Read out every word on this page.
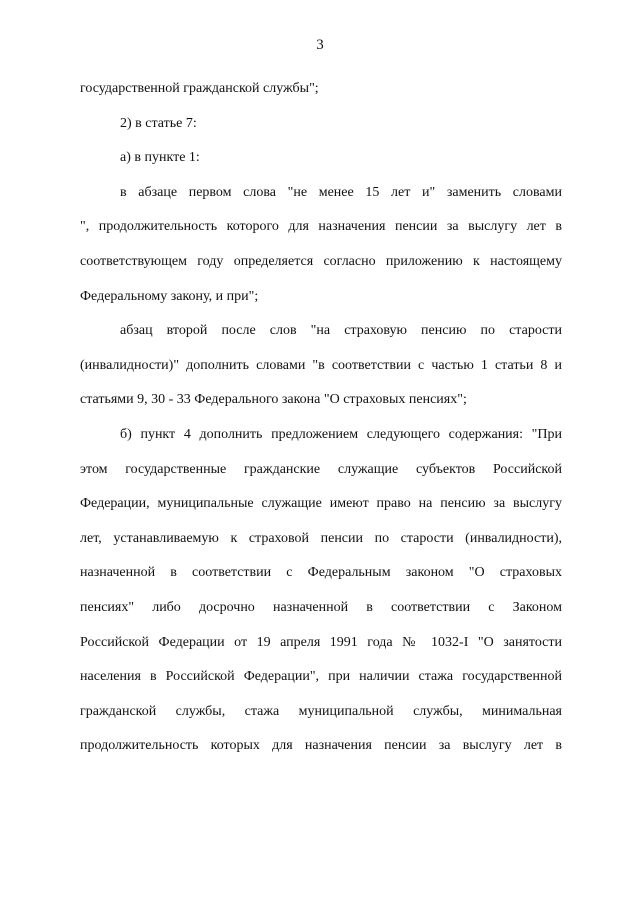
3
государственной гражданской службы";
2) в статье 7:
а) в пункте 1:
в абзаце первом слова "не менее 15 лет и" заменить словами
", продолжительность которого для назначения пенсии за выслугу лет в
соответствующем году определяется согласно приложению к настоящему
Федеральному закону, и при";
абзац второй после слов "на страховую пенсию по старости
(инвалидности)" дополнить словами "в соответствии с частью 1 статьи 8 и
статьями 9, 30 - 33 Федерального закона "О страховых пенсиях";
б) пункт 4 дополнить предложением следующего содержания: "При
этом государственные гражданские служащие субъектов Российской
Федерации, муниципальные служащие имеют право на пенсию за выслугу
лет, устанавливаемую к страховой пенсии по старости (инвалидности),
назначенной в соответствии с Федеральным законом "О страховых
пенсиях" либо досрочно назначенной в соответствии с Законом
Российской Федерации от 19 апреля 1991 года № 1032-I "О занятости
населения в Российской Федерации", при наличии стажа государственной
гражданской службы, стажа муниципальной службы, минимальная
продолжительность которых для назначения пенсии за выслугу лет в
